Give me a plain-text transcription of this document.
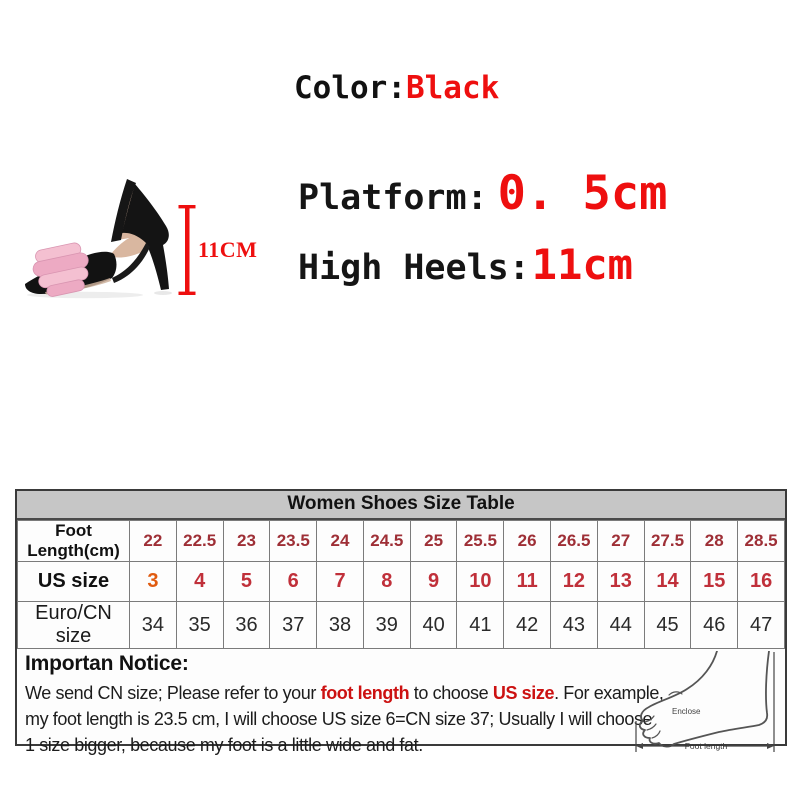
Color:Black
Platform: 0. 5cm
High Heels: 11cm
11CM
Women Shoes Size Table
Foot Length(cm)	22	22.5	23	23.5	24	24.5	25	25.5	26	26.5	27	27.5	28	28.5
US size	3	4	5	6	7	8	9	10	11	12	13	14	15	16
Euro/CN size	34	35	36	37	38	39	40	41	42	43	44	45	46	47
Importan Notice:
We send CN size; Please refer to your foot length to choose US size. For example,
my foot length is 23.5 cm, I will choose US size 6=CN size 37; Usually I will choose
1 size bigger, because my foot is a little wide and fat.
Enclose
Foot length
